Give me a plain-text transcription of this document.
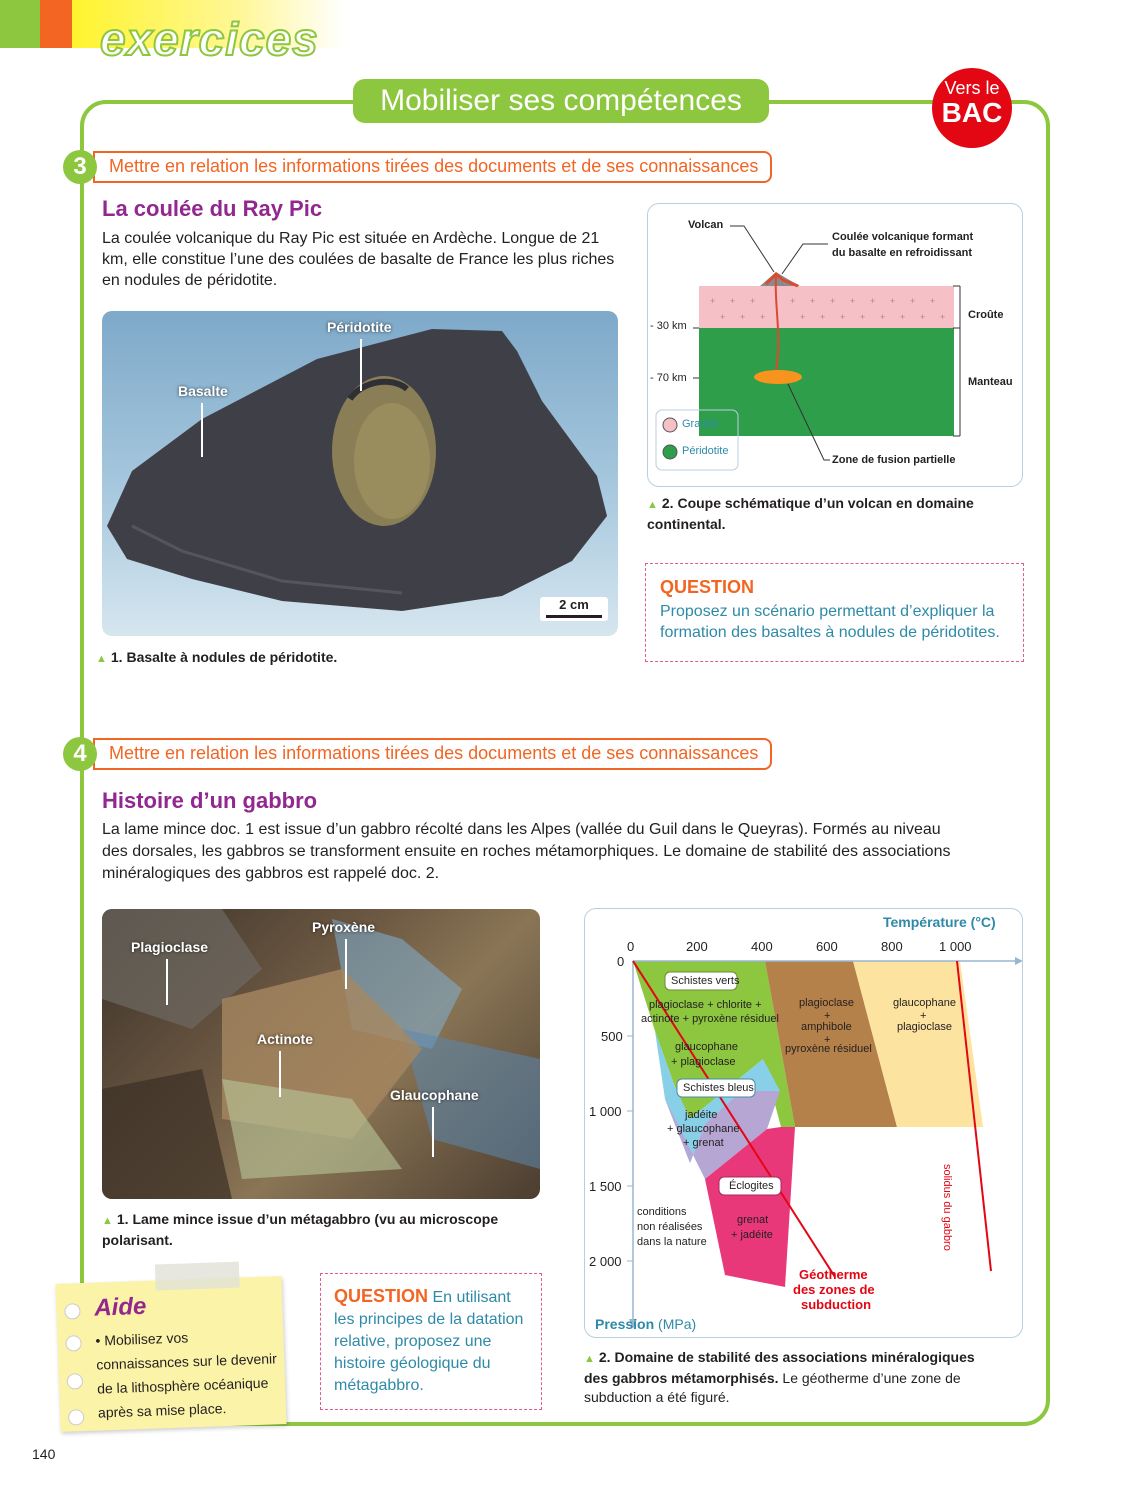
exercices
Mobiliser ses compétences	Vers le
BAC
3	Mettre en relation les informations tirées des documents et de ses connaissances
La coulée du Ray Pic
La coulée volcanique du Ray Pic est située en Ardèche. Longue de 21 km, elle constitue l’une des coulées de basalte de France les plus riches en nodules de péridotite.
Péridotite
Basalte
2 cm
▲ 1. Basalte à nodules de péridotite.
+ + +	+ + + + + + + +
+ + +	+ + + + + + + +
Volcan
Coulée volcanique formant
du basalte en refroidissant
- 30 km
- 70 km
Croûte
Manteau
Granite
Péridotite
Zone de fusion partielle
▲ 2. Coupe schématique d’un volcan en domaine
continental.
QUESTION
Proposez un scénario permettant d’expliquer la formation des basaltes à nodules de péridotites.
4	Mettre en relation les informations tirées des documents et de ses connaissances
Histoire d’un gabbro
La lame mince doc. 1 est issue d’un gabbro récolté dans les Alpes (vallée du Guil dans le Queyras). Formés au niveau
des dorsales, les gabbros se transforment ensuite en roches métamorphiques. Le domaine de stabilité des associations
minéralogiques des gabbros est rappelé doc. 2.
Plagioclase
Pyroxène
Actinote
Glaucophane
▲ 1. Lame mince issue d’un métagabbro (vu au microscope
polarisant.
Aide
• Mobilisez vos
connaissances sur le devenir
de la lithosphère océanique
après sa mise place.
QUESTION En utilisant
les principes de la datation
relative, proposez une
histoire géologique du
métagabbro.
Température (°C)
0	200	400	600	800	1 000
0
500
1 000
1 500
2 000
Pression (MPa)
Schistes verts
plagioclase + chlorite +
actinote + pyroxène résiduel
plagioclase
+
amphibole
+
pyroxène résiduel
glaucophane
+
plagioclase
glaucophane
+ plagioclase
Schistes bleus
jadéite
+ glaucophane
+ grenat
Éclogites
grenat
+ jadéite
conditions
non réalisées
dans la nature
Géotherme
des zones de
subduction
solidus du gabbro
▲ 2. Domaine de stabilité des associations minéralogiques
des gabbros métamorphisés. Le géotherme d’une zone de
subduction a été figuré.
140
